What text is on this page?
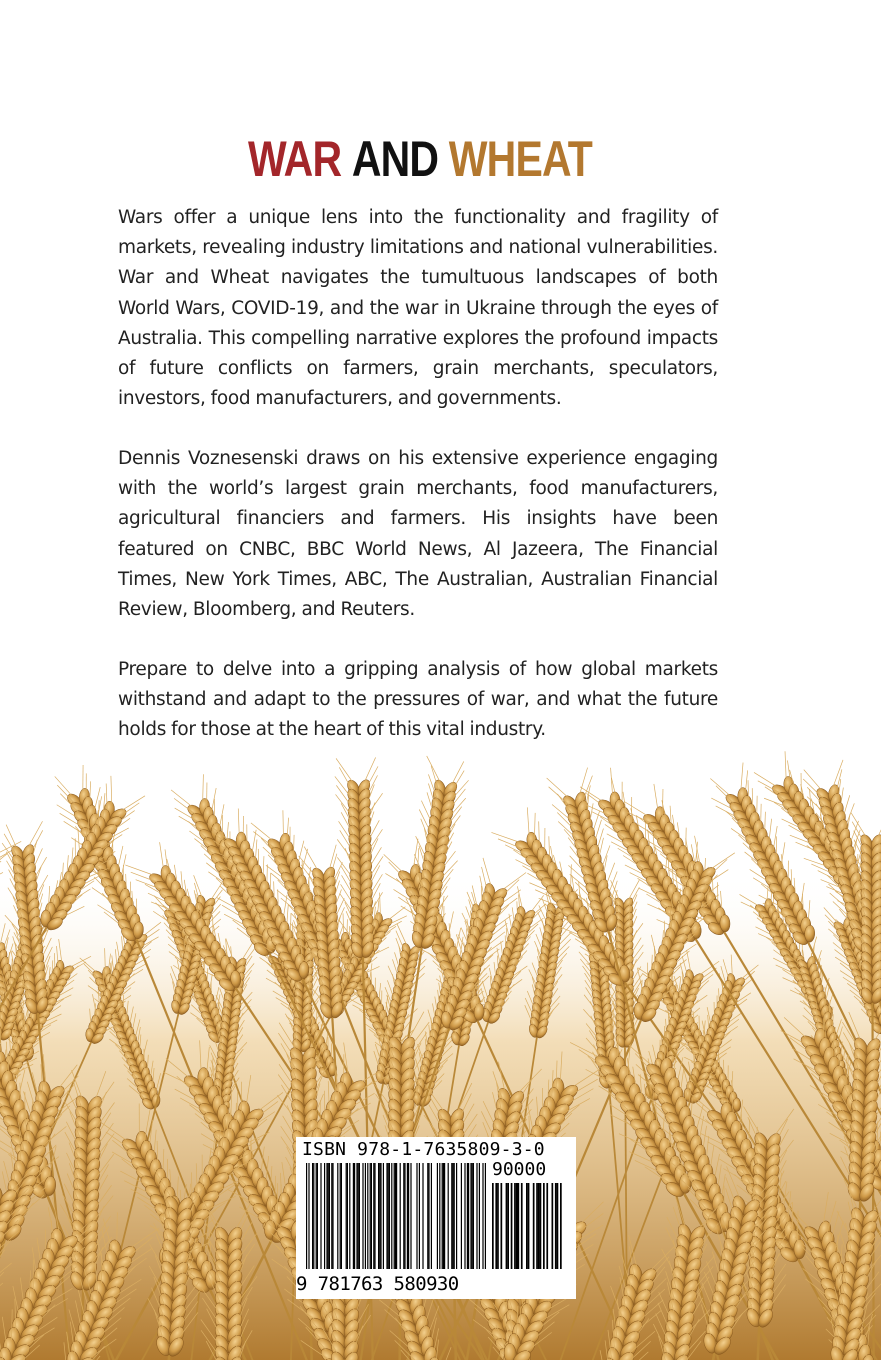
WAR AND WHEAT

Wars offer a unique lens into the functionality and fragility of markets, revealing industry limitations and national vulnerabilities. War and Wheat navigates the tumultuous landscapes of both World Wars, COVID-19, and the war in Ukraine through the eyes of Australia. This compelling narrative explores the profound impacts of future conflicts on farmers, grain merchants, speculators, investors, food manufacturers, and governments.

Dennis Voznesenski draws on his extensive experience engaging with the world’s largest grain merchants, food manufacturers, agricultural financiers and farmers. His insights have been featured on CNBC, BBC World News, Al Jazeera, The Financial Times, New York Times, ABC, The Australian, Australian Financial Review, Bloomberg, and Reuters.

Prepare to delve into a gripping analysis of how global markets withstand and adapt to the pressures of war, and what the future holds for those at the heart of this vital industry.

ISBN 978-1-7635809-3-0
90000
9 781763 580930
